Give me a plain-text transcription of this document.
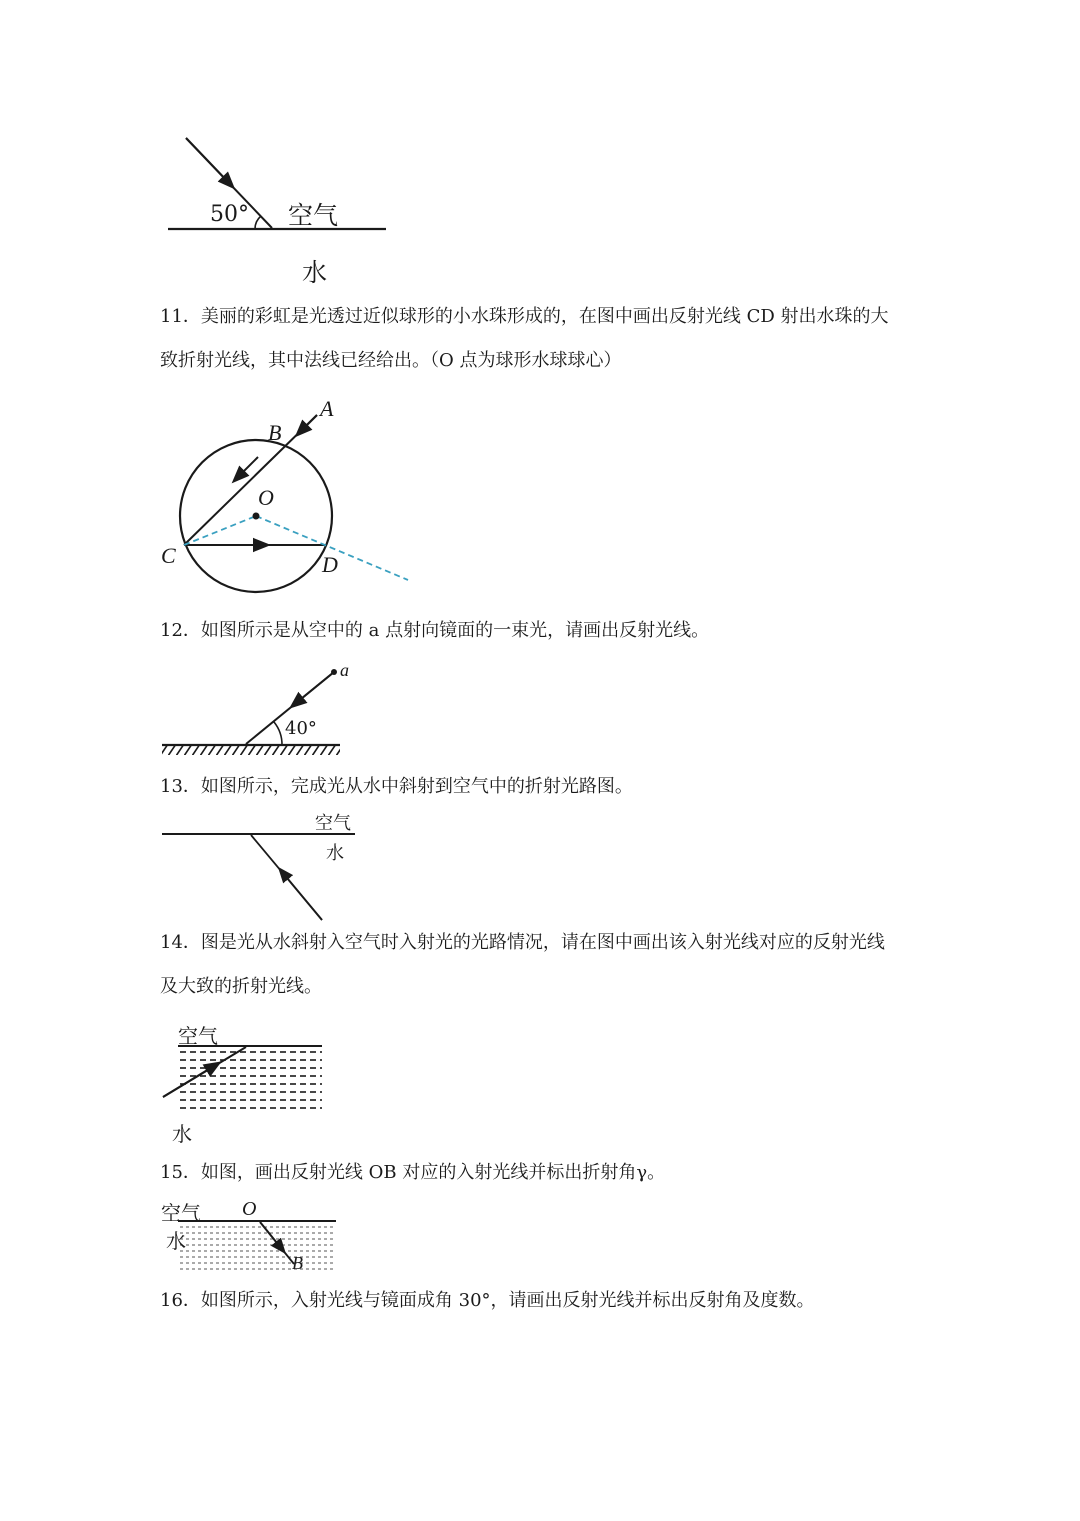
50° 空气
水
11．美丽的彩虹是光透过近似球形的小水珠形成的，在图中画出反射光线 CD 射出水珠的大
致折射光线，其中法线已经给出。（O 点为球形水球球心）
A
B
O
C	D
12．如图所示是从空中的 a 点射向镜面的一束光，请画出反射光线。
a
40°
13．如图所示，完成光从水中斜射到空气中的折射光路图。
空气
水
14．图是光从水斜射入空气时入射光的光路情况，请在图中画出该入射光线对应的反射光线
及大致的折射光线。
空气
水
15．如图，画出反射光线 OB 对应的入射光线并标出折射角γ。
空气
水
O
B
16．如图所示，入射光线与镜面成角 30°，请画出反射光线并标出反射角及度数。
